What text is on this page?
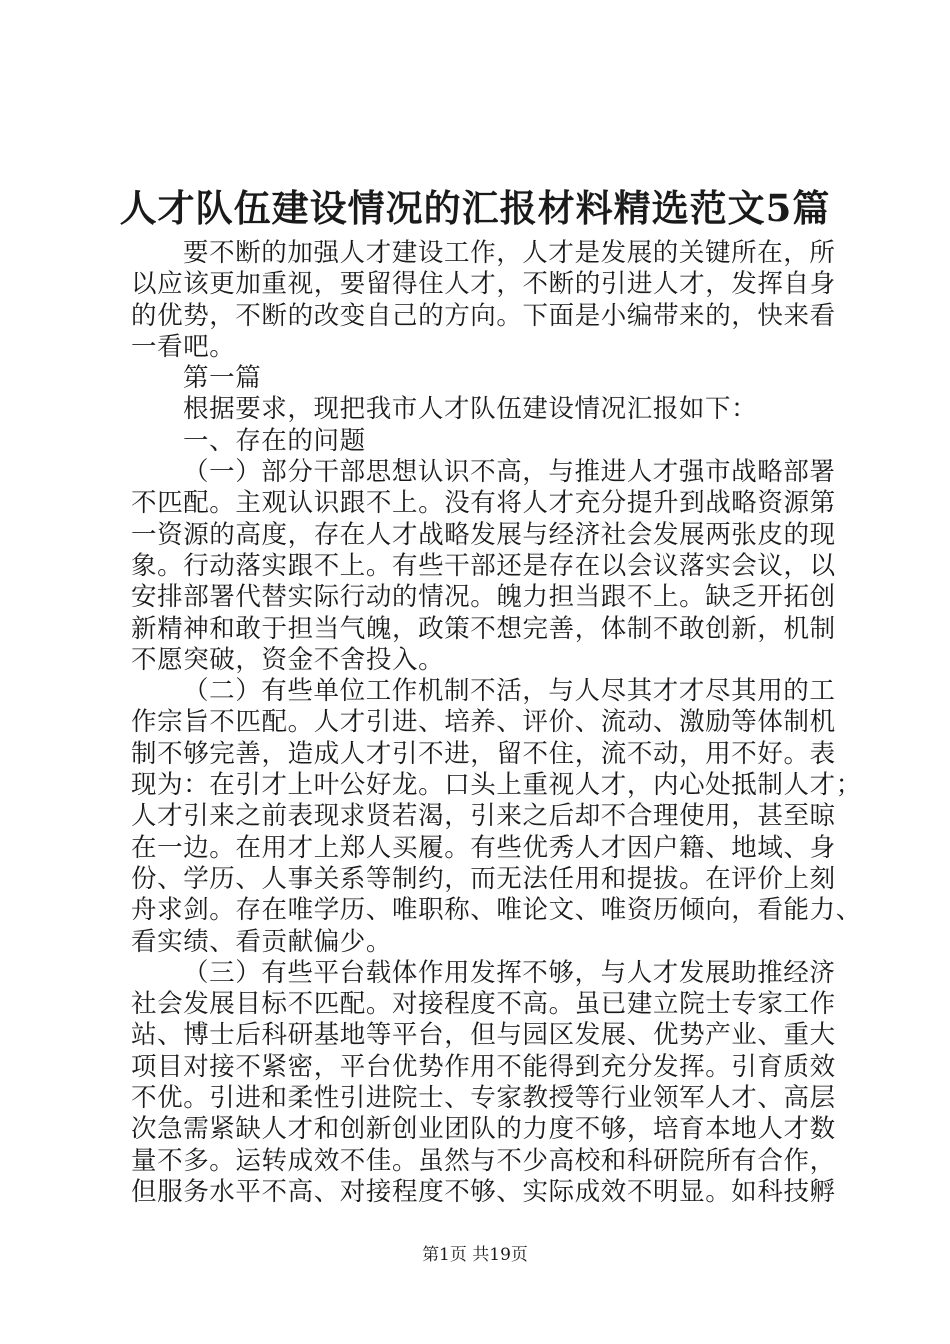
人才队伍建设情况的汇报材料精选范文5篇
要不断的加强人才建设工作，人才是发展的关键所在，所
以应该更加重视，要留得住人才，不断的引进人才，发挥自身
的优势，不断的改变自己的方向。下面是小编带来的，快来看
一看吧。
第一篇
根据要求，现把我市人才队伍建设情况汇报如下：
一、存在的问题
（一）部分干部思想认识不高，与推进人才强市战略部署
不匹配。主观认识跟不上。没有将人才充分提升到战略资源第
一资源的高度，存在人才战略发展与经济社会发展两张皮的现
象。行动落实跟不上。有些干部还是存在以会议落实会议，以
安排部署代替实际行动的情况。魄力担当跟不上。缺乏开拓创
新精神和敢于担当气魄，政策不想完善，体制不敢创新，机制
不愿突破，资金不舍投入。
（二）有些单位工作机制不活，与人尽其才才尽其用的工
作宗旨不匹配。人才引进、培养、评价、流动、激励等体制机
制不够完善，造成人才引不进，留不住，流不动，用不好。表
现为：在引才上叶公好龙。口头上重视人才，内心处抵制人才；
人才引来之前表现求贤若渴，引来之后却不合理使用，甚至晾
在一边。在用才上郑人买履。有些优秀人才因户籍、地域、身
份、学历、人事关系等制约，而无法任用和提拔。在评价上刻
舟求剑。存在唯学历、唯职称、唯论文、唯资历倾向，看能力、
看实绩、看贡献偏少。
（三）有些平台载体作用发挥不够，与人才发展助推经济
社会发展目标不匹配。对接程度不高。虽已建立院士专家工作
站、博士后科研基地等平台，但与园区发展、优势产业、重大
项目对接不紧密，平台优势作用不能得到充分发挥。引育质效
不优。引进和柔性引进院士、专家教授等行业领军人才、高层
次急需紧缺人才和创新创业团队的力度不够，培育本地人才数
量不多。运转成效不佳。虽然与不少高校和科研院所有合作，
但服务水平不高、对接程度不够、实际成效不明显。如科技孵
第1页 共19页
